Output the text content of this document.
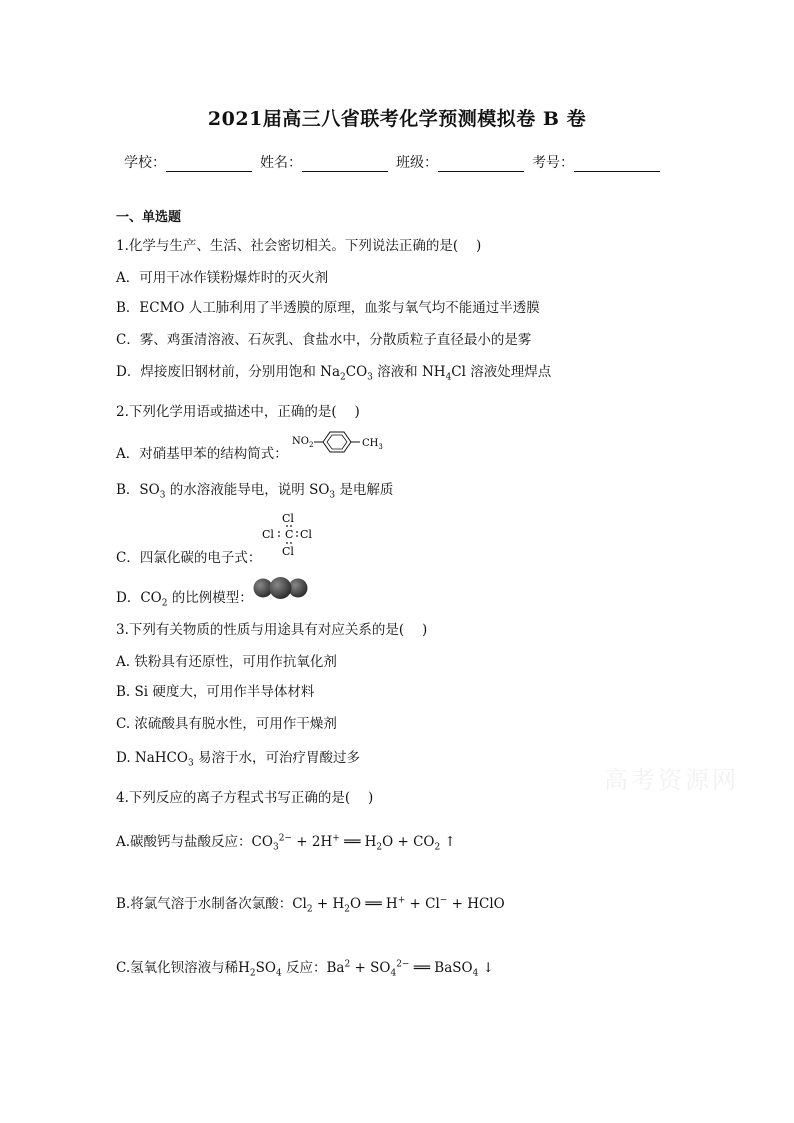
2021届高三八省联考化学预测模拟卷 B 卷
学校：	姓名：	班级：	考号：
一、单选题
1.化学与生产、生活、社会密切相关。下列说法正确的是(　 )
A．可用干冰作镁粉爆炸时的灭火剂
B．ECMO 人工肺利用了半透膜的原理，血浆与氧气均不能通过半透膜
C．雾、鸡蛋清溶液、石灰乳、食盐水中，分散质粒子直径最小的是雾
D．焊接废旧钢材前，分别用饱和 $Na_2CO_3$ 溶液和 $NH_4Cl$ 溶液处理焊点
2.下列化学用语或描述中，正确的是(　 )
A．对硝基甲苯的结构简式：
$NO_2$	$CH_3$
B．$SO_3$ 的水溶液能导电，说明 $SO_3$ 是电解质
C．四氯化碳的电子式：
Cl
Cl C Cl
Cl
D．$CO_2$ 的比例模型：
3.下列有关物质的性质与用途具有对应关系的是(　 )
A. 铁粉具有还原性，可用作抗氧化剂
B. Si 硬度大，可用作半导体材料
C. 浓硫酸具有脱水性，可用作干燥剂
D. NaHCO$_3$ 易溶于水，可治疗胃酸过多
高考资源网
4.下列反应的离子方程式书写正确的是(　 )
A.碳酸钙与盐酸反应：$CO_3^{2-} + 2H^+$ ══ $H_2O + CO_2$ ↑
B.将氯气溶于水制备次氯酸：$Cl_2 + H_2O$ ══ H+ + Cl− + HClO
C.氢氧化钡溶液与稀$H_2SO_4$ 反应：$Ba^2 + SO_4^{2-}$ ══ BaSO$_4$ ↓
